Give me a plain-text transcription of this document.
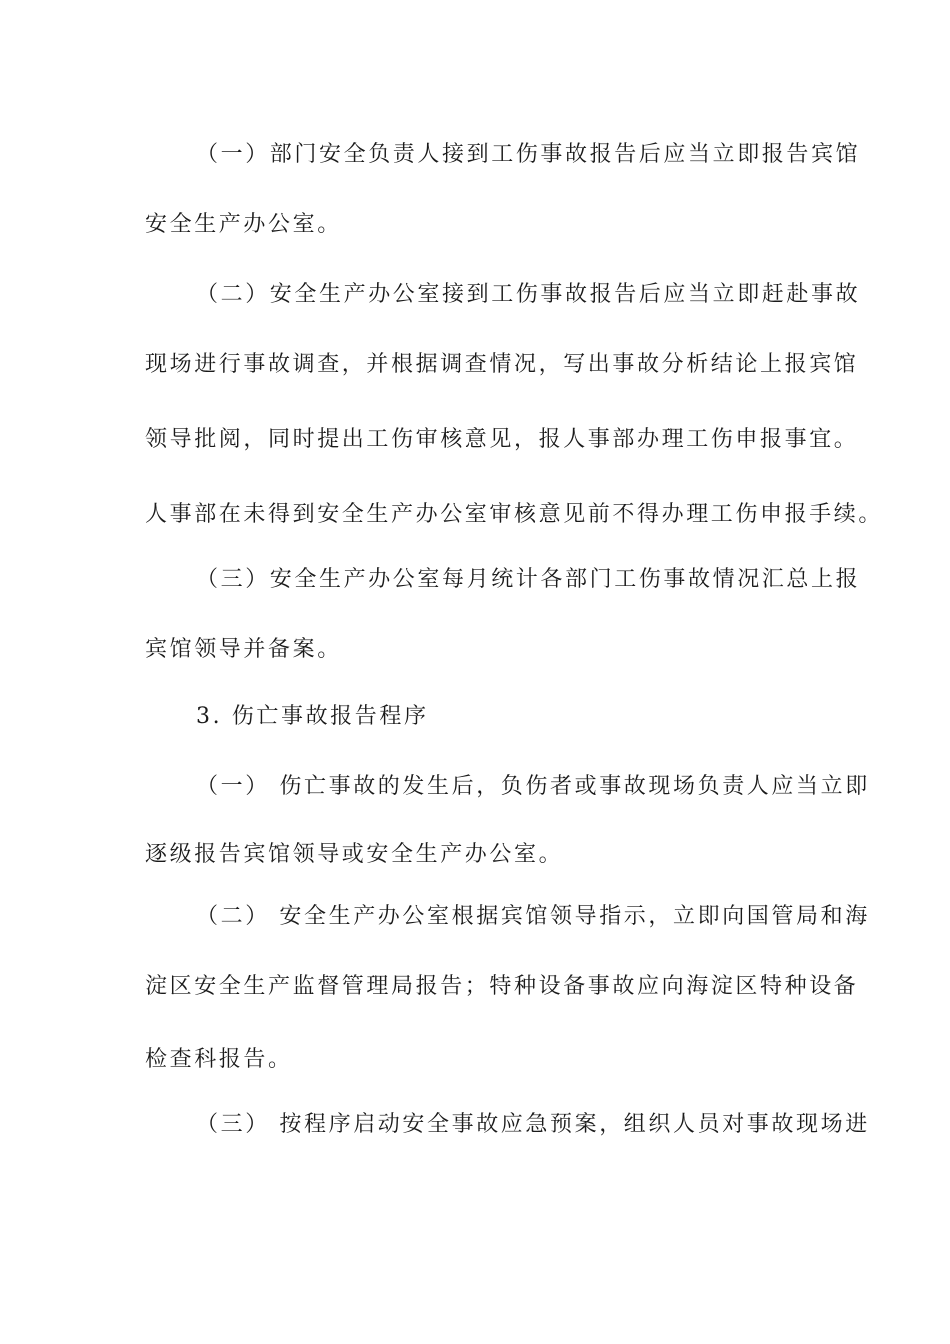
（一）部门安全负责人接到工伤事故报告后应当立即报告宾馆
安全生产办公室。
（二）安全生产办公室接到工伤事故报告后应当立即赶赴事故
现场进行事故调查，并根据调查情况，写出事故分析结论上报宾馆
领导批阅，同时提出工伤审核意见，报人事部办理工伤申报事宜。
人事部在未得到安全生产办公室审核意见前不得办理工伤申报手续。
（三）安全生产办公室每月统计各部门工伤事故情况汇总上报
宾馆领导并备案。
3. 伤亡事故报告程序
（一） 伤亡事故的发生后，负伤者或事故现场负责人应当立即
逐级报告宾馆领导或安全生产办公室。
（二） 安全生产办公室根据宾馆领导指示，立即向国管局和海
淀区安全生产监督管理局报告；特种设备事故应向海淀区特种设备
检查科报告。
（三） 按程序启动安全事故应急预案，组织人员对事故现场进
